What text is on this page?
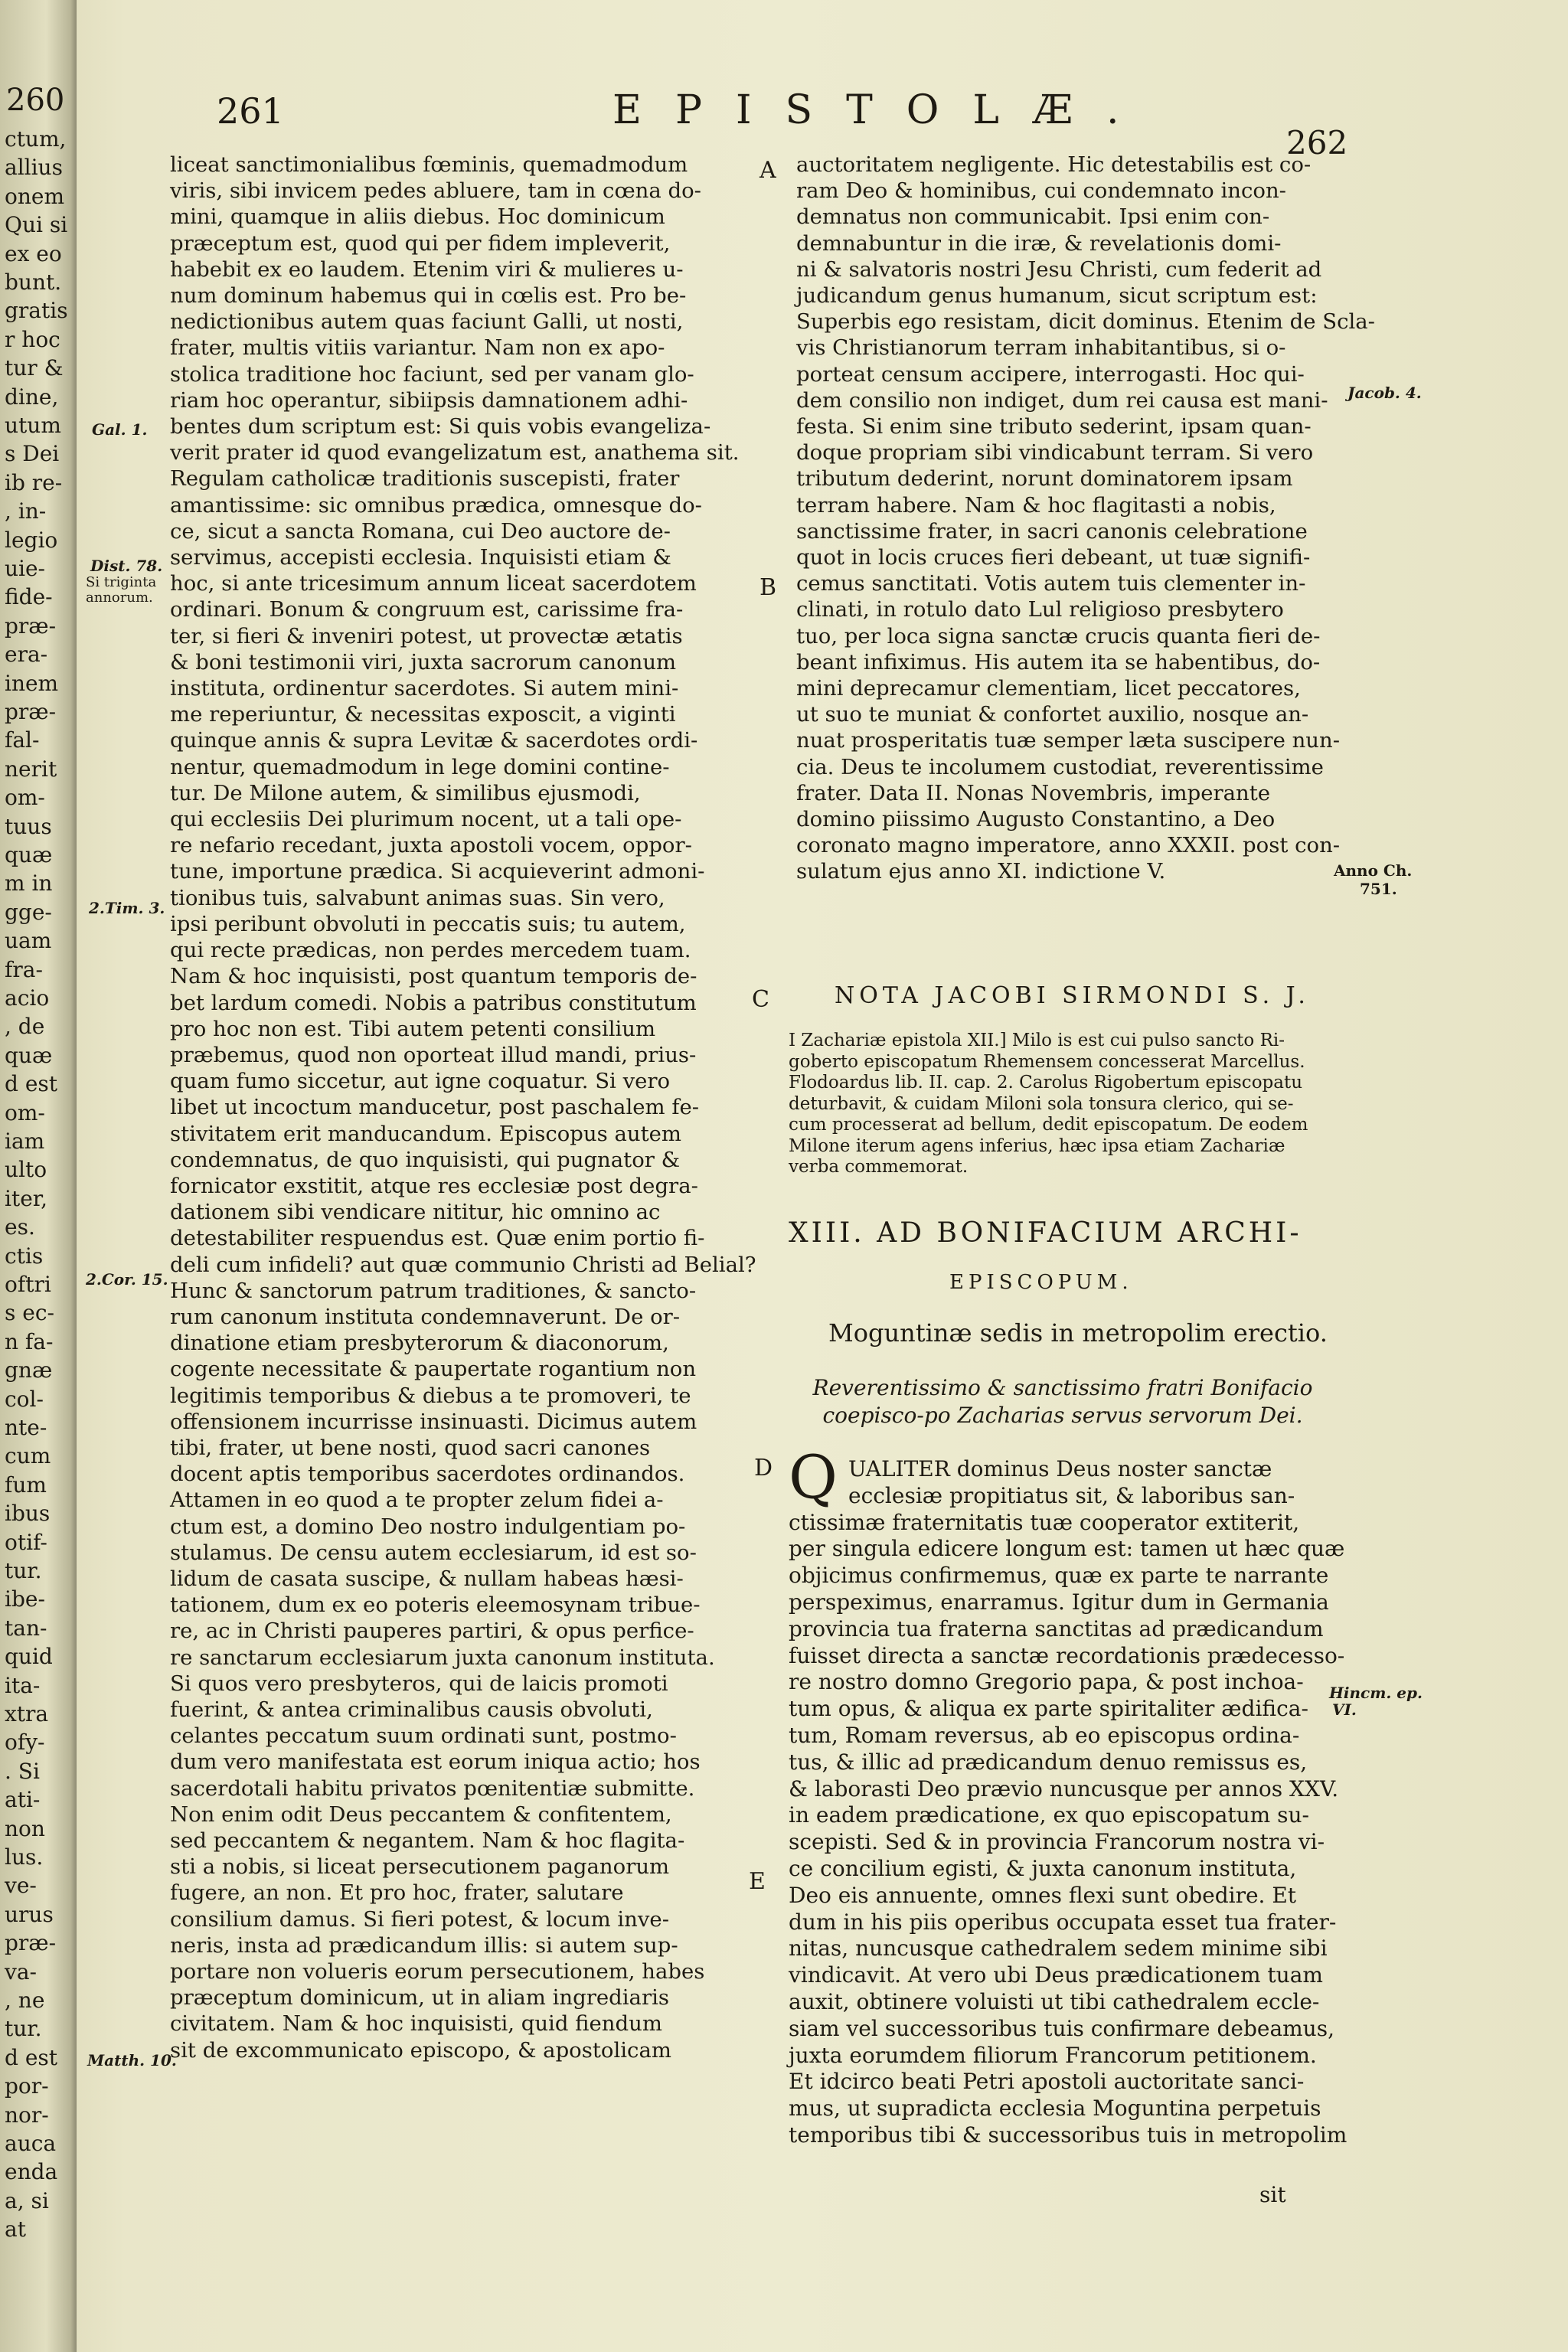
260
ctum,
allius
onem
Qui si
ex eo
bunt.
gratis
r hoc
tur &
dine,
utum
s Dei
ib re-
, in-
legio
uie-
fide-
præ-
era-
inem
præ-
fal-
nerit
om-
tuus
quæ
m in
gge-
uam
fra-
acio
, de
quæ
d est
om-
iam
ulto
iter,
es.
ctis
oftri
s ec-
n fa-
gnæ
col-
nte-
cum
fum
ibus
otif-
tur.
ibe-
tan-
quid
ita-
xtra
ofy-
. Si
ati-
non
lus.
ve-
urus
præ-
va-
, ne
tur.
d est
por-
nor-
auca
enda
a, si
at
261	EPISTOLÆ.
262
liceat sanctimonialibus fœminis, quemadmodum
viris, sibi invicem pedes abluere, tam in cœna do-
mini, quamque in aliis diebus. Hoc dominicum
præceptum est, quod qui per fidem impleverit,
habebit ex eo laudem. Etenim viri & mulieres u-
num dominum habemus qui in cœlis est. Pro be-
nedictionibus autem quas faciunt Galli, ut nosti,
frater, multis vitiis variantur. Nam non ex apo-
stolica traditione hoc faciunt, sed per vanam glo-
riam hoc operantur, sibiipsis damnationem adhi-
bentes dum scriptum est: Si quis vobis evangeliza-
verit prater id quod evangelizatum est, anathema sit.
Regulam catholicæ traditionis suscepisti, frater
amantissime: sic omnibus prædica, omnesque do-
ce, sicut a sancta Romana, cui Deo auctore de-
servimus, accepisti ecclesia. Inquisisti etiam &
hoc, si ante tricesimum annum liceat sacerdotem
ordinari. Bonum & congruum est, carissime fra-
ter, si fieri & inveniri potest, ut provectæ ætatis
& boni testimonii viri, juxta sacrorum canonum
instituta, ordinentur sacerdotes. Si autem mini-
me reperiuntur, & necessitas exposcit, a viginti
quinque annis & supra Levitæ & sacerdotes ordi-
nentur, quemadmodum in lege domini contine-
tur. De Milone autem, & similibus ejusmodi,
qui ecclesiis Dei plurimum nocent, ut a tali ope-
re nefario recedant, juxta apostoli vocem, oppor-
tune, importune prædica. Si acquieverint admoni-
tionibus tuis, salvabunt animas suas. Sin vero,
ipsi peribunt obvoluti in peccatis suis; tu autem,
qui recte prædicas, non perdes mercedem tuam.
Nam & hoc inquisisti, post quantum temporis de-
bet lardum comedi. Nobis a patribus constitutum
pro hoc non est. Tibi autem petenti consilium
præbemus, quod non oporteat illud mandi, prius-
quam fumo siccetur, aut igne coquatur. Si vero
libet ut incoctum manducetur, post paschalem fe-
stivitatem erit manducandum. Episcopus autem
condemnatus, de quo inquisisti, qui pugnator &
fornicator exstitit, atque res ecclesiæ post degra-
dationem sibi vendicare nititur, hic omnino ac
detestabiliter respuendus est. Quæ enim portio fi-
deli cum infideli? aut quæ communio Christi ad Belial?
Hunc & sanctorum patrum traditiones, & sancto-
rum canonum instituta condemnaverunt. De or-
dinatione etiam presbyterorum & diaconorum,
cogente necessitate & paupertate rogantium non
legitimis temporibus & diebus a te promoveri, te
offensionem incurrisse insinuasti. Dicimus autem
tibi, frater, ut bene nosti, quod sacri canones
docent aptis temporibus sacerdotes ordinandos.
Attamen in eo quod a te propter zelum fidei a-
ctum est, a domino Deo nostro indulgentiam po-
stulamus. De censu autem ecclesiarum, id est so-
lidum de casata suscipe, & nullam habeas hæsi-
tationem, dum ex eo poteris eleemosynam tribue-
re, ac in Christi pauperes partiri, & opus perfice-
re sanctarum ecclesiarum juxta canonum instituta.
Si quos vero presbyteros, qui de laicis promoti
fuerint, & antea criminalibus causis obvoluti,
celantes peccatum suum ordinati sunt, postmo-
dum vero manifestata est eorum iniqua actio; hos
sacerdotali habitu privatos pœnitentiæ submitte.
Non enim odit Deus peccantem & confitentem,
sed peccantem & negantem. Nam & hoc flagita-
sti a nobis, si liceat persecutionem paganorum
fugere, an non. Et pro hoc, frater, salutare
consilium damus. Si fieri potest, & locum inve-
neris, insta ad prædicandum illis: si autem sup-
portare non volueris eorum persecutionem, habes
præceptum dominicum, ut in aliam ingrediaris
civitatem. Nam & hoc inquisisti, quid fiendum
sit de excommunicato episcopo, & apostolicam
auctoritatem negligente. Hic detestabilis est co-
ram Deo & hominibus, cui condemnato incon-
demnatus non communicabit. Ipsi enim con-
demnabuntur in die iræ, & revelationis domi-
ni & salvatoris nostri Jesu Christi, cum federit ad
judicandum genus humanum, sicut scriptum est:
Superbis ego resistam, dicit dominus. Etenim de Scla-
vis Christianorum terram inhabitantibus, si o-
porteat censum accipere, interrogasti. Hoc qui-
dem consilio non indiget, dum rei causa est mani-
festa. Si enim sine tributo sederint, ipsam quan-
doque propriam sibi vindicabunt terram. Si vero
tributum dederint, norunt dominatorem ipsam
terram habere. Nam & hoc flagitasti a nobis,
sanctissime frater, in sacri canonis celebratione
quot in locis cruces fieri debeant, ut tuæ signifi-
cemus sanctitati. Votis autem tuis clementer in-
clinati, in rotulo dato Lul religioso presbytero
tuo, per loca signa sanctæ crucis quanta fieri de-
beant infiximus. His autem ita se habentibus, do-
mini deprecamur clementiam, licet peccatores,
ut suo te muniat & confortet auxilio, nosque an-
nuat prosperitatis tuæ semper læta suscipere nun-
cia. Deus te incolumem custodiat, reverentissime
frater. Data II. Nonas Novembris, imperante
domino piissimo Augusto Constantino, a Deo
coronato magno imperatore, anno XXXII. post con-
sulatum ejus anno XI. indictione V.
A
B
C
D
E
Gal. 1.
Dist. 78.
Si triginta
annorum.
2.Tim. 3.
2.Cor. 15.
Matth. 10.
Jacob. 4.
Anno Ch.
751.
Hincm. ep.
VI.
NOTA JACOBI SIRMONDI S. J.
I Zachariæ epistola XII.] Milo is est cui pulso sancto Ri-
goberto episcopatum Rhemensem concesserat Marcellus.
Flodoardus lib. II. cap. 2. Carolus Rigobertum episcopatu
deturbavit, & cuidam Miloni sola tonsura clerico, qui se-
cum processerat ad bellum, dedit episcopatum. De eodem
Milone iterum agens inferius, hæc ipsa etiam Zachariæ
verba commemorat.
XIII. AD BONIFACIUM ARCHI-
EPISCOPUM.
Moguntinæ sedis in metropolim erectio.
Reverentissimo & sanctissimo fratri Bonifacio coepisco-po Zacharias servus servorum Dei.
Q UALITER dominus Deus noster sanctæ
ecclesiæ propitiatus sit, & laboribus san-
ctissimæ fraternitatis tuæ cooperator extiterit,
per singula edicere longum est: tamen ut hæc quæ
objicimus confirmemus, quæ ex parte te narrante
perspeximus, enarramus. Igitur dum in Germania
provincia tua fraterna sanctitas ad prædicandum
fuisset directa a sanctæ recordationis prædecesso-
re nostro domno Gregorio papa, & post inchoa-
tum opus, & aliqua ex parte spiritaliter ædifica-
tum, Romam reversus, ab eo episcopus ordina-
tus, & illic ad prædicandum denuo remissus es,
& laborasti Deo prævio nuncusque per annos XXV.
in eadem prædicatione, ex quo episcopatum su-
scepisti. Sed & in provincia Francorum nostra vi-
ce concilium egisti, & juxta canonum instituta,
Deo eis annuente, omnes flexi sunt obedire. Et
dum in his piis operibus occupata esset tua frater-
nitas, nuncusque cathedralem sedem minime sibi
vindicavit. At vero ubi Deus prædicationem tuam
auxit, obtinere voluisti ut tibi cathedralem eccle-
siam vel successoribus tuis confirmare debeamus,
juxta eorumdem filiorum Francorum petitionem.
Et idcirco beati Petri apostoli auctoritate sanci-
mus, ut supradicta ecclesia Moguntina perpetuis
temporibus tibi & successoribus tuis in metropolim
sit
